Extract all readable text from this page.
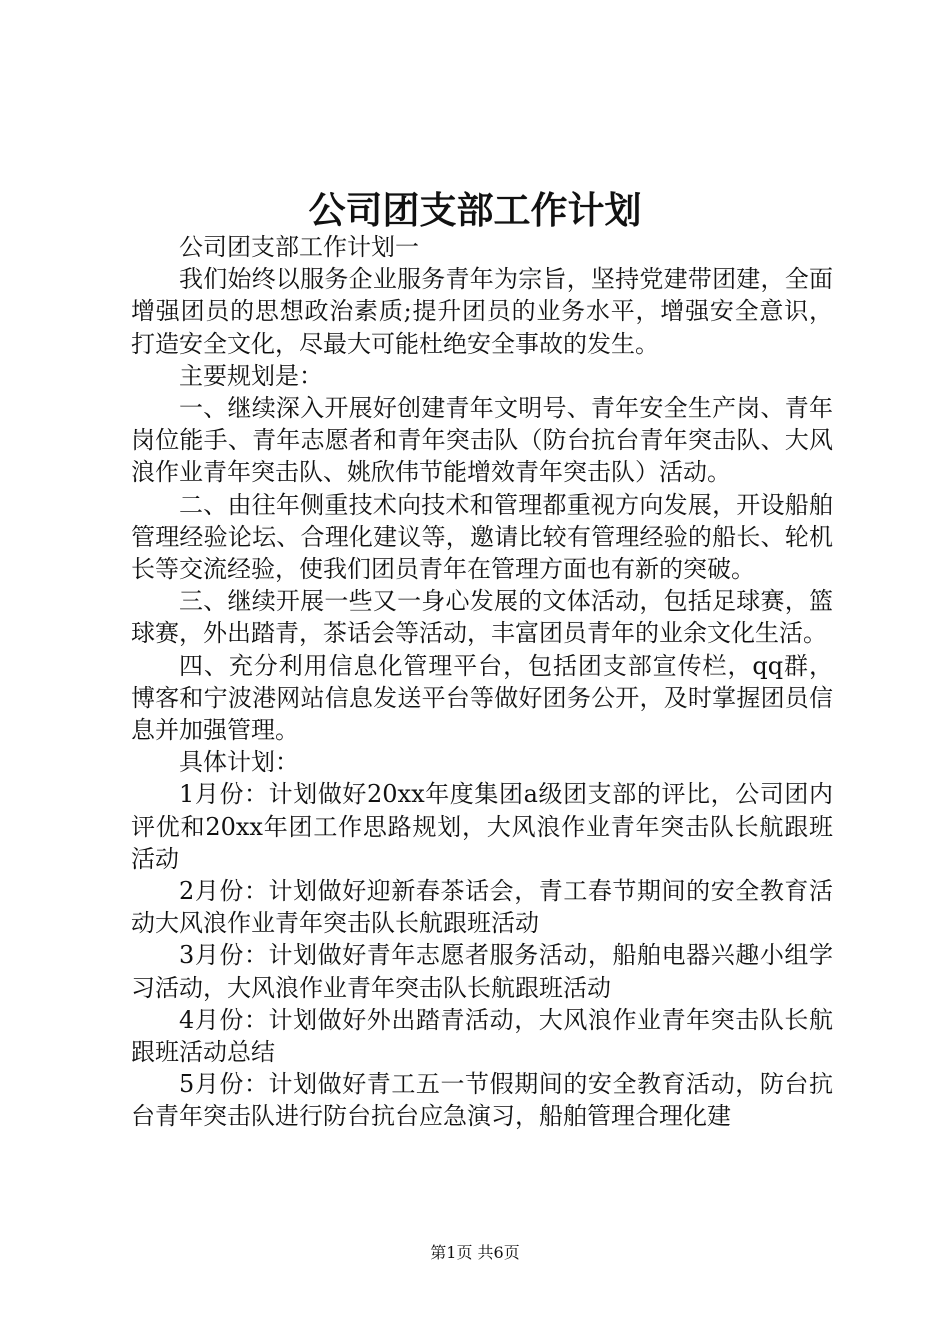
公司团支部工作计划

公司团支部工作计划一

我们始终以服务企业服务青年为宗旨，坚持党建带团建，全面增强团员的思想政治素质;提升团员的业务水平，增强安全意识，打造安全文化，尽最大可能杜绝安全事故的发生。

主要规划是：

一、继续深入开展好创建青年文明号、青年安全生产岗、青年岗位能手、青年志愿者和青年突击队（防台抗台青年突击队、大风浪作业青年突击队、姚欣伟节能增效青年突击队）活动。

二、由往年侧重技术向技术和管理都重视方向发展，开设船舶管理经验论坛、合理化建议等，邀请比较有管理经验的船长、轮机长等交流经验，使我们团员青年在管理方面也有新的突破。

三、继续开展一些又一身心发展的文体活动，包括足球赛，篮球赛，外出踏青，茶话会等活动，丰富团员青年的业余文化生活。

四、充分利用信息化管理平台，包括团支部宣传栏，qq群，博客和宁波港网站信息发送平台等做好团务公开，及时掌握团员信息并加强管理。

具体计划：

1月份：计划做好20xx年度集团a级团支部的评比，公司团内评优和20xx年团工作思路规划，大风浪作业青年突击队长航跟班活动

2月份：计划做好迎新春茶话会，青工春节期间的安全教育活动大风浪作业青年突击队长航跟班活动

3月份：计划做好青年志愿者服务活动，船舶电器兴趣小组学习活动，大风浪作业青年突击队长航跟班活动

4月份：计划做好外出踏青活动，大风浪作业青年突击队长航跟班活动总结

5月份：计划做好青工五一节假期间的安全教育活动，防台抗台青年突击队进行防台抗台应急演习，船舶管理合理化建

第1页 共6页
